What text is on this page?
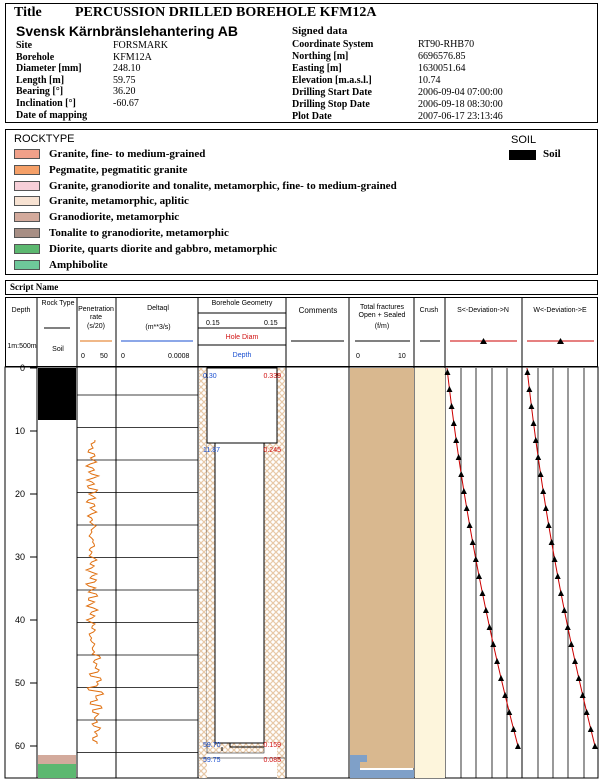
Title PERCUSSION DRILLED BOREHOLE KFM12A
Svensk Kärnbränslehantering AB	Signed data
Site	FORSMARK
Borehole	KFM12A
Diameter [mm]	248.10
Length [m]	59.75
Bearing [°]	36.20
Inclination [°]	-60.67
Date of mapping
Coordinate System	RT90-RHB70
Northing [m]	6696576.85
Easting [m]	1630051.64
Elevation [m.a.s.l.]	10.74
Drilling Start Date	2006-09-04 07:00:00
Drilling Stop Date	2006-09-18 08:30:00
Plot Date	2007-06-17 23:13:46
ROCKTYPE	SOIL
Granite, fine- to medium-grained
Pegmatite, pegmatitic granite
Granite, granodiorite and tonalite, metamorphic, fine- to medium-grained
Granite, metamorphic, aplitic
Granodiorite, metamorphic
Tonalite to granodiorite, metamorphic
Diorite, quarts diorite and gabbro, metamorphic
Amphibolite
Soil
Script Name
Depth
1m:500m
Rock Type
Soil
Penetration rate
(s/20)
0 50
Deltaql
(m**3/s)
0	0.0008
Borehole Geometry
0.15	0.15
Hole Diam
Depth
Comments	Total fractures Open + Sealed
(f/m)
0	10
Crush	S<-Deviation->N	W<-Deviation->E
0
10
20
30
40
50
60
0.30	0.339
11.87	0.245
59.70	0.159
59.75	0.085
